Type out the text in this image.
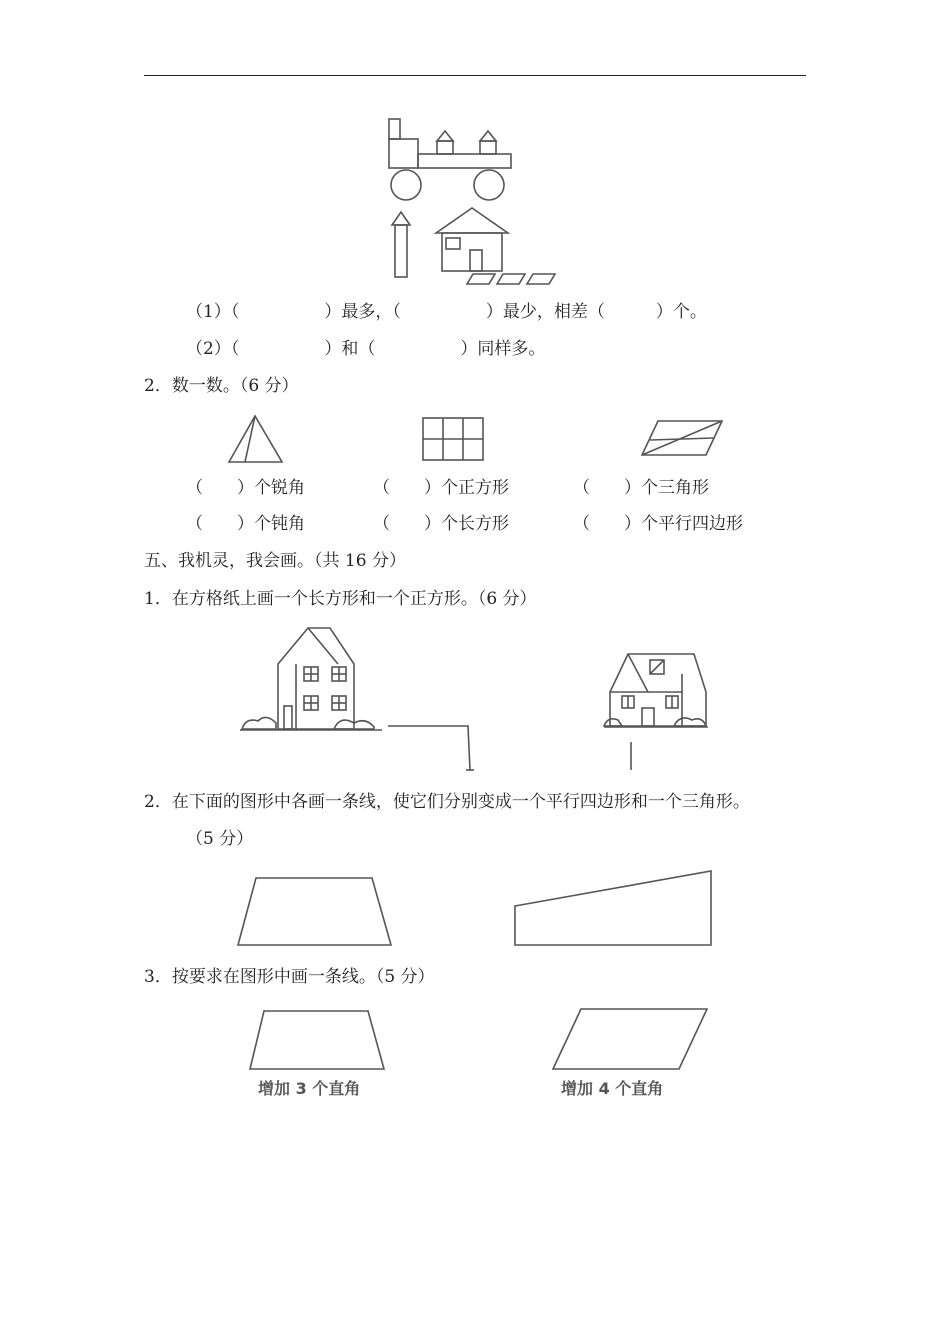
（1）（　　　　　）最多，（　　　　　）最少，相差（　　　）个。
（2）（　　　　　）和（　　　　　）同样多。
2．数一数。（6 分）
（　　）个锐角	（　　）个正方形	（　　）个三角形
（　　）个钝角	（　　）个长方形	（　　）个平行四边形
五、我机灵，我会画。（共 16 分）
1．在方格纸上画一个长方形和一个正方形。（6 分）
2．在下面的图形中各画一条线，使它们分别变成一个平行四边形和一个三角形。
（5 分）
3．按要求在图形中画一条线。（5 分）
增加 3 个直角	增加 4 个直角
